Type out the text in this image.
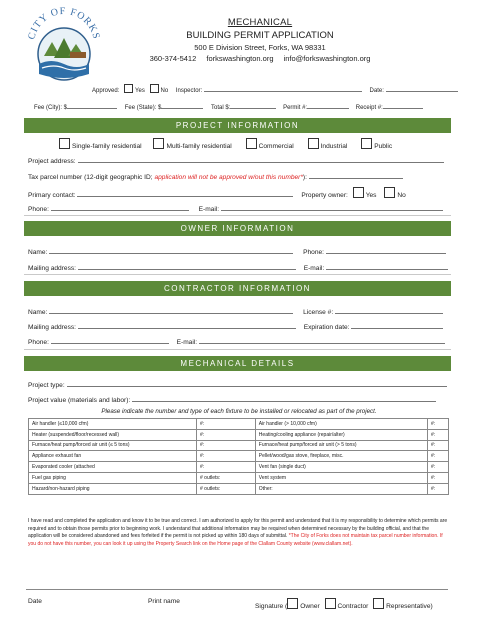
CITY OF FORKS
MECHANICAL
BUILDING PERMIT APPLICATION
500 E Division Street, Forks, WA 98331
360-374-5412 forkswashington.org info@forkswashington.org
Approved:	Yes	No Inspector:	Date:
Fee (City): $	Fee (State): $	Total $:	Permit #:	Receipt #:
PROJECT INFORMATION
Single-family residential	Multi-family residential	Commercial	Industrial	Public
Project address:
Tax parcel number (12-digit geographic ID; application will not be approved w/out this number*):
Primary contact:	Property owner:	Yes	No
Phone:	E-mail:
OWNER INFORMATION
Name:	Phone:
Mailing address:	E-mail:
CONTRACTOR INFORMATION
Name:	License #:
Mailing address:	Expiration date:
Phone:	E-mail:
MECHANICAL DETAILS
Project type:
Project value (materials and labor):
Please indicate the number and type of each fixture to be installed or relocated as part of the project.
Air handler (≤10,000 cfm)	#:	Air handler (> 10,000 cfm)	#:
Heater (suspended/floor/recessed wall)	#:	Heating/cooling appliance (repair/alter)	#:
Furnace/heat pump/forced air unit (≤ 5 tons)	#:	Furnace/heat pump/forced air unit (> 5 tons)	#:
Appliance exhaust fan	#:	Pellet/wood/gas stove, fireplace, misc.	#:
Evaporated cooler (attached	#:	Vent fan (single duct)	#:
Fuel gas piping	# outlets:	Vent system	#:
Hazard/non-hazard piping	# outlets:	Other:	#:
I have read and completed the application and know it to be true and correct. I am authorized to apply for this permit and understand that it is my responsibility to determine which permits are required and to obtain those permits prior to beginning work. I understand that additional information may be required when determined necessary by the building official, and that the application will be considered abandoned and fees forfeited if the permit is not picked up within 180 days of submittal. *The City of Forks does not maintain tax parcel number information. If you do not have this number, you can look it up using the Property Search link on the Home page of the Clallam County website (www.clallam.net).
Date	Print name
Signature ( Owner	Contractor	Representative)
